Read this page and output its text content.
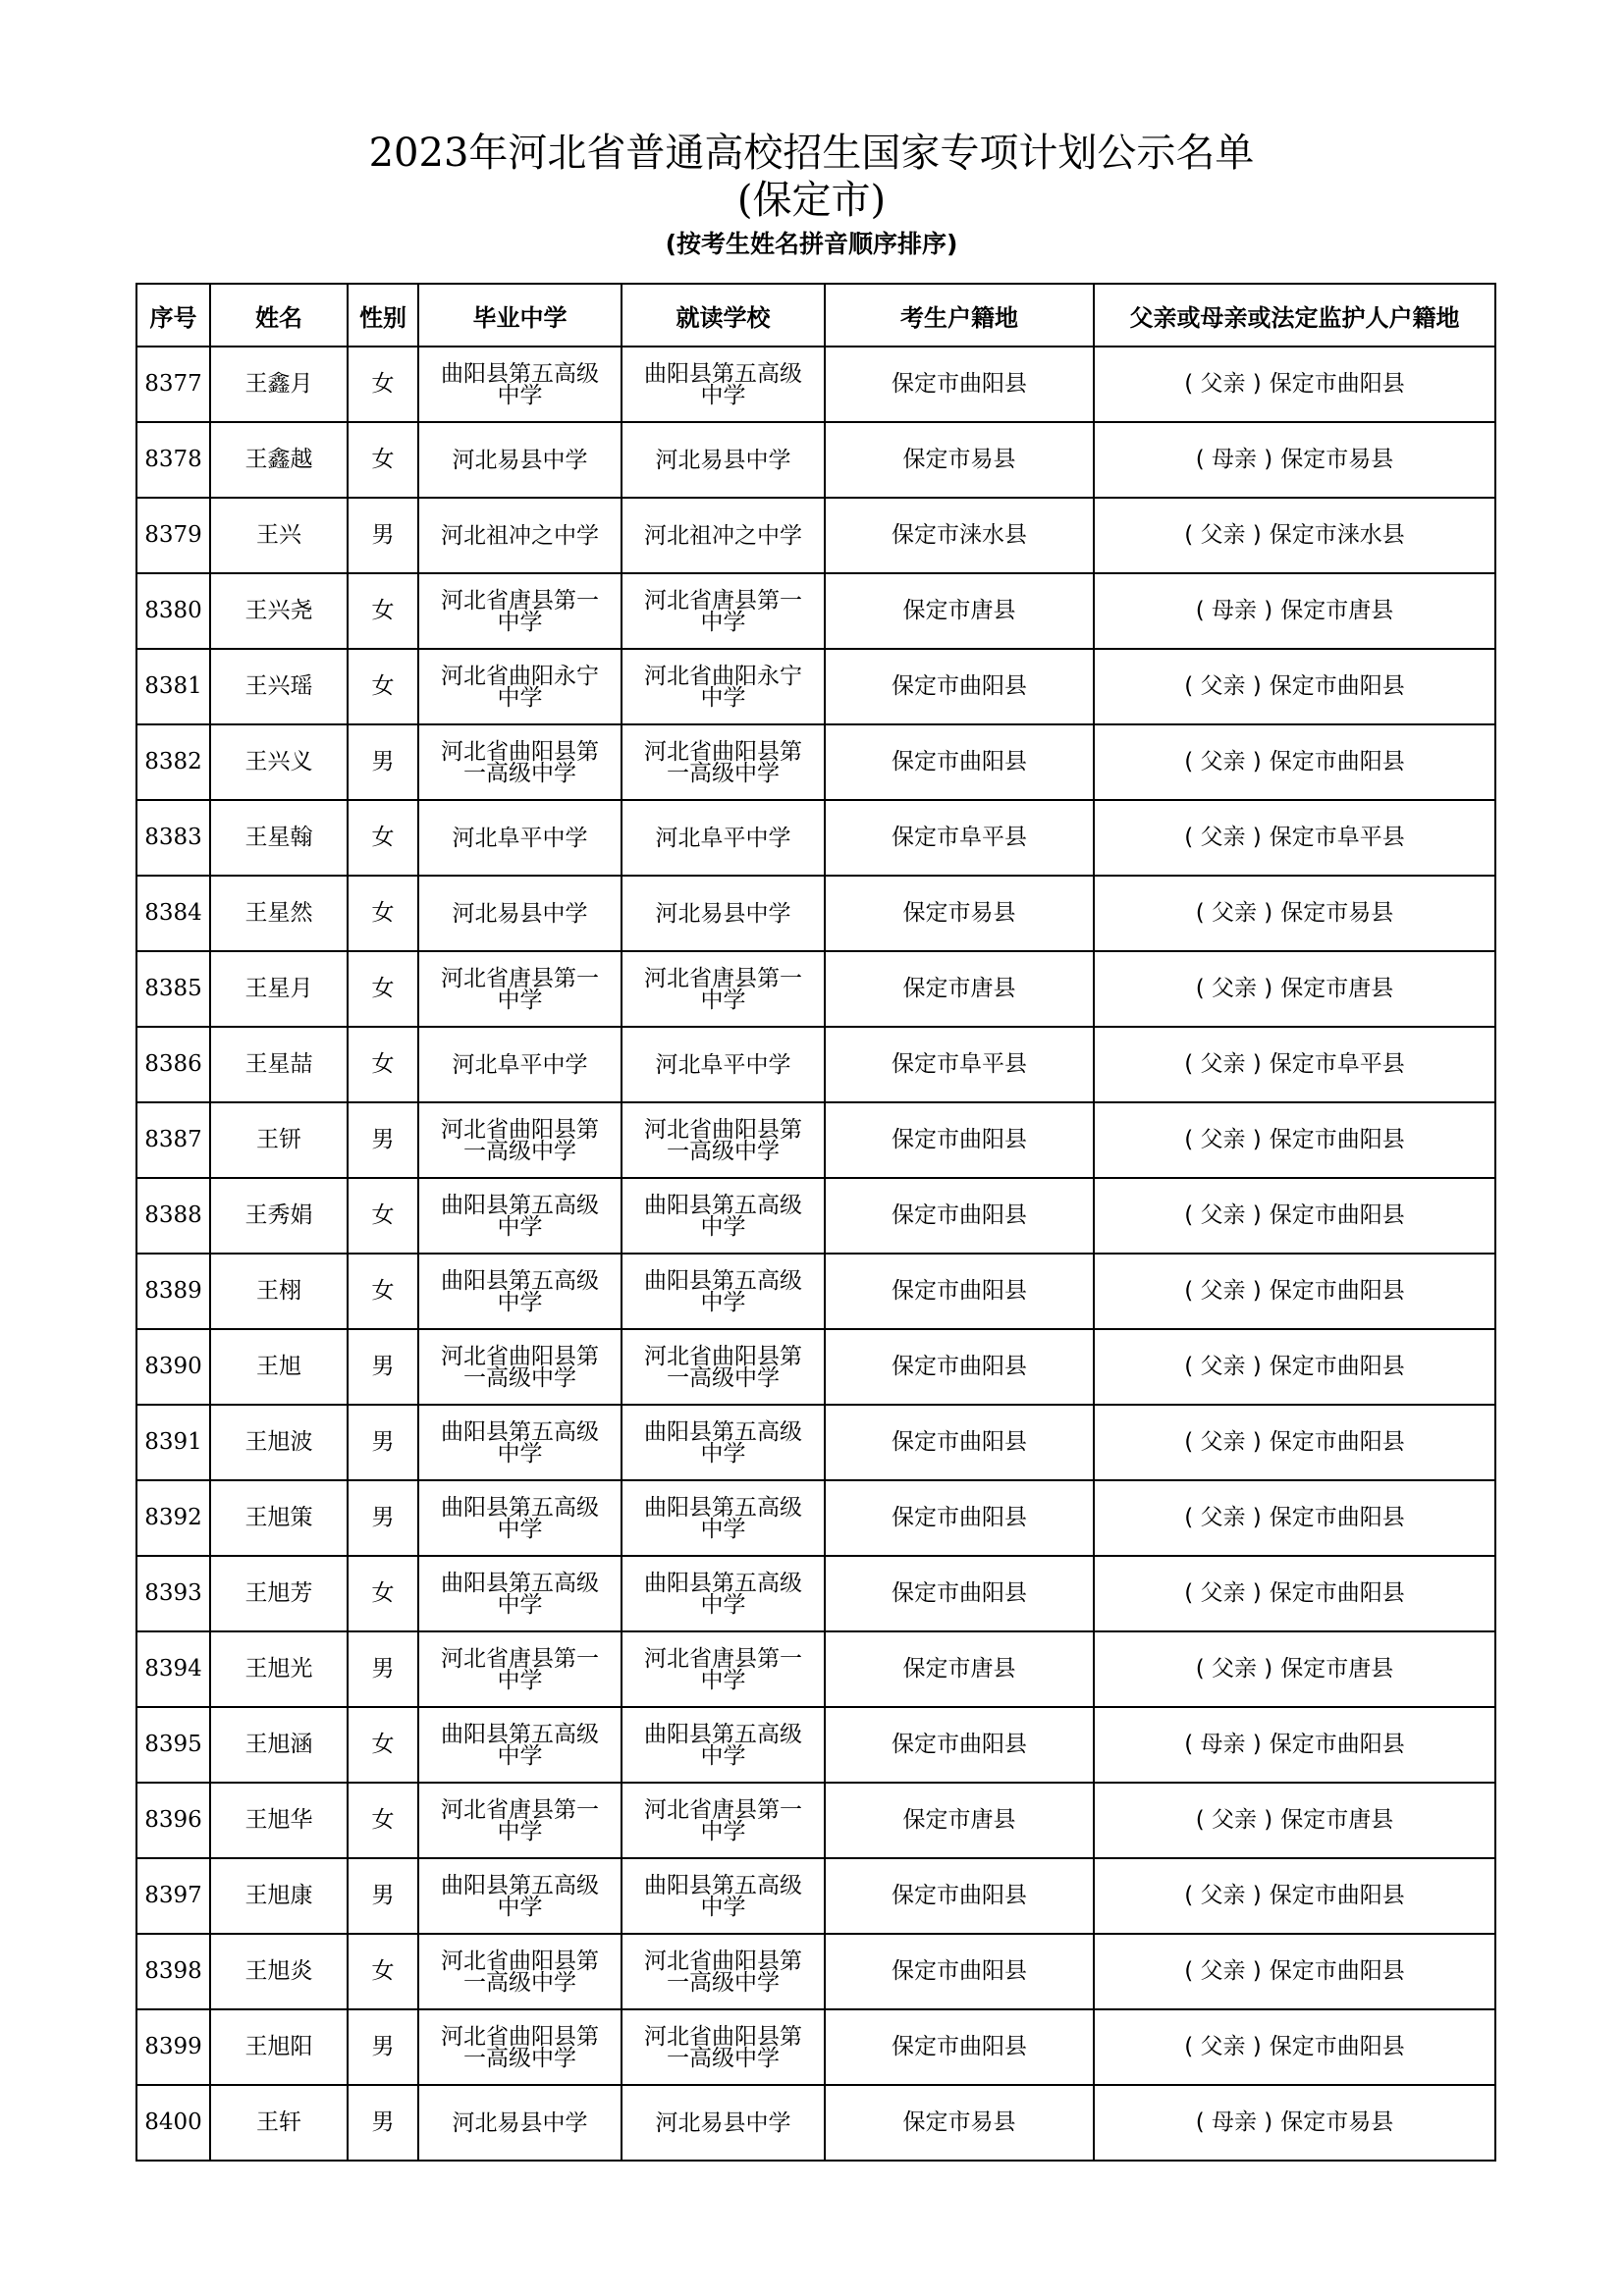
2023年河北省普通高校招生国家专项计划公示名单
(保定市)
(按考生姓名拼音顺序排序)
序号	姓名	性别	毕业中学	就读学校	考生户籍地	父亲或母亲或法定监护人户籍地
8377	王鑫月	女	曲阳县第五高级中学	曲阳县第五高级中学	保定市曲阳县	( 父亲 ) 保定市曲阳县
8378	王鑫越	女	河北易县中学	河北易县中学	保定市易县	( 母亲 ) 保定市易县
8379	王兴	男	河北祖冲之中学	河北祖冲之中学	保定市涞水县	( 父亲 ) 保定市涞水县
8380	王兴尧	女	河北省唐县第一中学	河北省唐县第一中学	保定市唐县	( 母亲 ) 保定市唐县
8381	王兴瑶	女	河北省曲阳永宁中学	河北省曲阳永宁中学	保定市曲阳县	( 父亲 ) 保定市曲阳县
8382	王兴义	男	河北省曲阳县第一高级中学	河北省曲阳县第一高级中学	保定市曲阳县	( 父亲 ) 保定市曲阳县
8383	王星翰	女	河北阜平中学	河北阜平中学	保定市阜平县	( 父亲 ) 保定市阜平县
8384	王星然	女	河北易县中学	河北易县中学	保定市易县	( 父亲 ) 保定市易县
8385	王星月	女	河北省唐县第一中学	河北省唐县第一中学	保定市唐县	( 父亲 ) 保定市唐县
8386	王星喆	女	河北阜平中学	河北阜平中学	保定市阜平县	( 父亲 ) 保定市阜平县
8387	王钘	男	河北省曲阳县第一高级中学	河北省曲阳县第一高级中学	保定市曲阳县	( 父亲 ) 保定市曲阳县
8388	王秀娟	女	曲阳县第五高级中学	曲阳县第五高级中学	保定市曲阳县	( 父亲 ) 保定市曲阳县
8389	王栩	女	曲阳县第五高级中学	曲阳县第五高级中学	保定市曲阳县	( 父亲 ) 保定市曲阳县
8390	王旭	男	河北省曲阳县第一高级中学	河北省曲阳县第一高级中学	保定市曲阳县	( 父亲 ) 保定市曲阳县
8391	王旭波	男	曲阳县第五高级中学	曲阳县第五高级中学	保定市曲阳县	( 父亲 ) 保定市曲阳县
8392	王旭策	男	曲阳县第五高级中学	曲阳县第五高级中学	保定市曲阳县	( 父亲 ) 保定市曲阳县
8393	王旭芳	女	曲阳县第五高级中学	曲阳县第五高级中学	保定市曲阳县	( 父亲 ) 保定市曲阳县
8394	王旭光	男	河北省唐县第一中学	河北省唐县第一中学	保定市唐县	( 父亲 ) 保定市唐县
8395	王旭涵	女	曲阳县第五高级中学	曲阳县第五高级中学	保定市曲阳县	( 母亲 ) 保定市曲阳县
8396	王旭华	女	河北省唐县第一中学	河北省唐县第一中学	保定市唐县	( 父亲 ) 保定市唐县
8397	王旭康	男	曲阳县第五高级中学	曲阳县第五高级中学	保定市曲阳县	( 父亲 ) 保定市曲阳县
8398	王旭炎	女	河北省曲阳县第一高级中学	河北省曲阳县第一高级中学	保定市曲阳县	( 父亲 ) 保定市曲阳县
8399	王旭阳	男	河北省曲阳县第一高级中学	河北省曲阳县第一高级中学	保定市曲阳县	( 父亲 ) 保定市曲阳县
8400	王轩	男	河北易县中学	河北易县中学	保定市易县	( 母亲 ) 保定市易县
